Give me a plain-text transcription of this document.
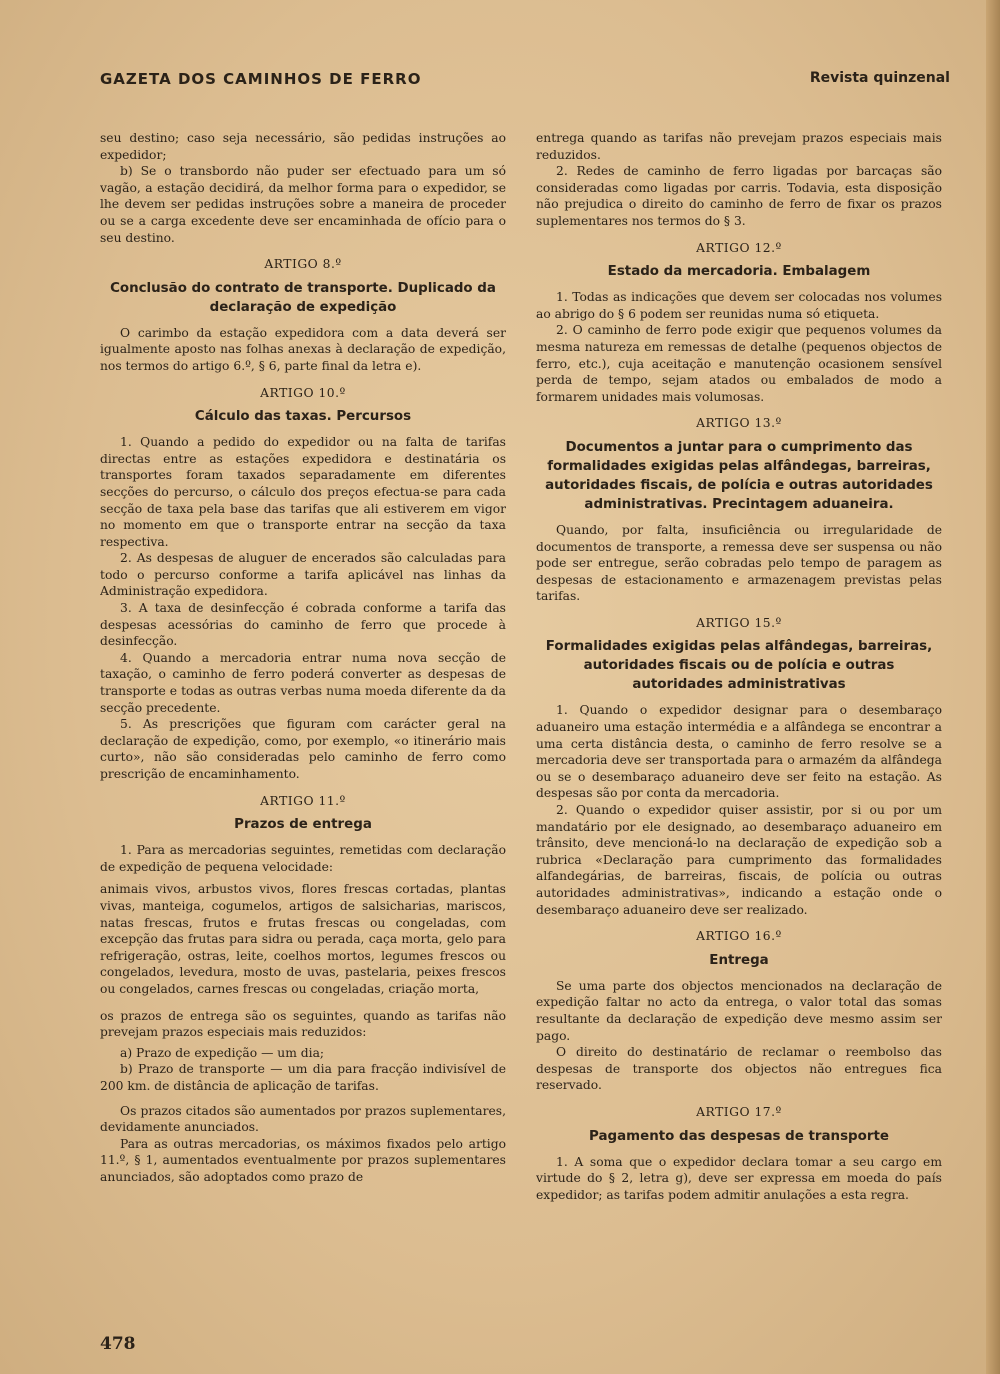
GAZETA DOS CAMINHOS DE FERRO	Revista quinzenal

seu destino; caso seja necessário, são pedidas instruções ao expedidor;

b) Se o transbordo não puder ser efectuado para um só vagão, a estação decidirá, da melhor forma para o expedidor, se lhe devem ser pedidas instruções sobre a maneira de proceder ou se a carga excedente deve ser encaminhada de ofício para o seu destino.

ARTIGO 8.º
Conclusão do contrato de transporte. Duplicado da declaração de expedição

O carimbo da estação expedidora com a data deverá ser igualmente aposto nas folhas anexas à declaração de expedição, nos termos do artigo 6.º, § 6, parte final da letra e).

ARTIGO 10.º
Cálculo das taxas. Percursos

1. Quando a pedido do expedidor ou na falta de tarifas directas entre as estações expedidora e destinatária os transportes foram taxados separadamente em diferentes secções do percurso, o cálculo dos preços efectua-se para cada secção de taxa pela base das tarifas que ali estiverem em vigor no momento em que o transporte entrar na secção da taxa respectiva.

2. As despesas de aluguer de encerados são calculadas para todo o percurso conforme a tarifa aplicável nas linhas da Administração expedidora.

3. A taxa de desinfecção é cobrada conforme a tarifa das despesas acessórias do caminho de ferro que procede à desinfecção.

4. Quando a mercadoria entrar numa nova secção de taxação, o caminho de ferro poderá converter as despesas de transporte e todas as outras verbas numa moeda diferente da da secção precedente.

5. As prescrições que figuram com carácter geral na declaração de expedição, como, por exemplo, «o itinerário mais curto», não são consideradas pelo caminho de ferro como prescrição de encaminhamento.

ARTIGO 11.º
Prazos de entrega

1. Para as mercadorias seguintes, remetidas com declaração de expedição de pequena velocidade:

animais vivos, arbustos vivos, flores frescas cortadas, plantas vivas, manteiga, cogumelos, artigos de salsicharias, mariscos, natas frescas, frutos e frutas frescas ou congeladas, com excepção das frutas para sidra ou perada, caça morta, gelo para refrigeração, ostras, leite, coelhos mortos, legumes frescos ou congelados, levedura, mosto de uvas, pastelaria, peixes frescos ou congelados, carnes frescas ou congeladas, criação morta,

os prazos de entrega são os seguintes, quando as tarifas não prevejam prazos especiais mais reduzidos:

a) Prazo de expedição — um dia;

b) Prazo de transporte — um dia para fracção indivisível de 200 km. de distância de aplicação de tarifas.

Os prazos citados são aumentados por prazos suplementares, devidamente anunciados.

Para as outras mercadorias, os máximos fixados pelo artigo 11.º, § 1, aumentados eventualmente por prazos suplementares anunciados, são adoptados como prazo de

entrega quando as tarifas não prevejam prazos especiais mais reduzidos.

2. Redes de caminho de ferro ligadas por barcaças são consideradas como ligadas por carris. Todavia, esta disposição não prejudica o direito do caminho de ferro de fixar os prazos suplementares nos termos do § 3.

ARTIGO 12.º
Estado da mercadoria. Embalagem

1. Todas as indicações que devem ser colocadas nos volumes ao abrigo do § 6 podem ser reunidas numa só etiqueta.

2. O caminho de ferro pode exigir que pequenos volumes da mesma natureza em remessas de detalhe (pequenos objectos de ferro, etc.), cuja aceitação e manutenção ocasionem sensível perda de tempo, sejam atados ou embalados de modo a formarem unidades mais volumosas.

ARTIGO 13.º
Documentos a juntar para o cumprimento das formalidades exigidas pelas alfândegas, barreiras, autoridades fiscais, de polícia e outras autoridades administrativas. Precintagem aduaneira.

Quando, por falta, insuficiência ou irregularidade de documentos de transporte, a remessa deve ser suspensa ou não pode ser entregue, serão cobradas pelo tempo de paragem as despesas de estacionamento e armazenagem previstas pelas tarifas.

ARTIGO 15.º
Formalidades exigidas pelas alfândegas, barreiras, autoridades fiscais ou de polícia e outras autoridades administrativas

1. Quando o expedidor designar para o desembaraço aduaneiro uma estação intermédia e a alfândega se encontrar a uma certa distância desta, o caminho de ferro resolve se a mercadoria deve ser transportada para o armazém da alfândega ou se o desembaraço aduaneiro deve ser feito na estação. As despesas são por conta da mercadoria.

2. Quando o expedidor quiser assistir, por si ou por um mandatário por ele designado, ao desembaraço aduaneiro em trânsito, deve mencioná-lo na declaração de expedição sob a rubrica «Declaração para cumprimento das formalidades alfandegárias, de barreiras, fiscais, de polícia ou outras autoridades administrativas», indicando a estação onde o desembaraço aduaneiro deve ser realizado.

ARTIGO 16.º
Entrega

Se uma parte dos objectos mencionados na declaração de expedição faltar no acto da entrega, o valor total das somas resultante da declaração de expedição deve mesmo assim ser pago.

O direito do destinatário de reclamar o reembolso das despesas de transporte dos objectos não entregues fica reservado.

ARTIGO 17.º
Pagamento das despesas de transporte

1. A soma que o expedidor declara tomar a seu cargo em virtude do § 2, letra g), deve ser expressa em moeda do país expedidor; as tarifas podem admitir anulações a esta regra.

478
